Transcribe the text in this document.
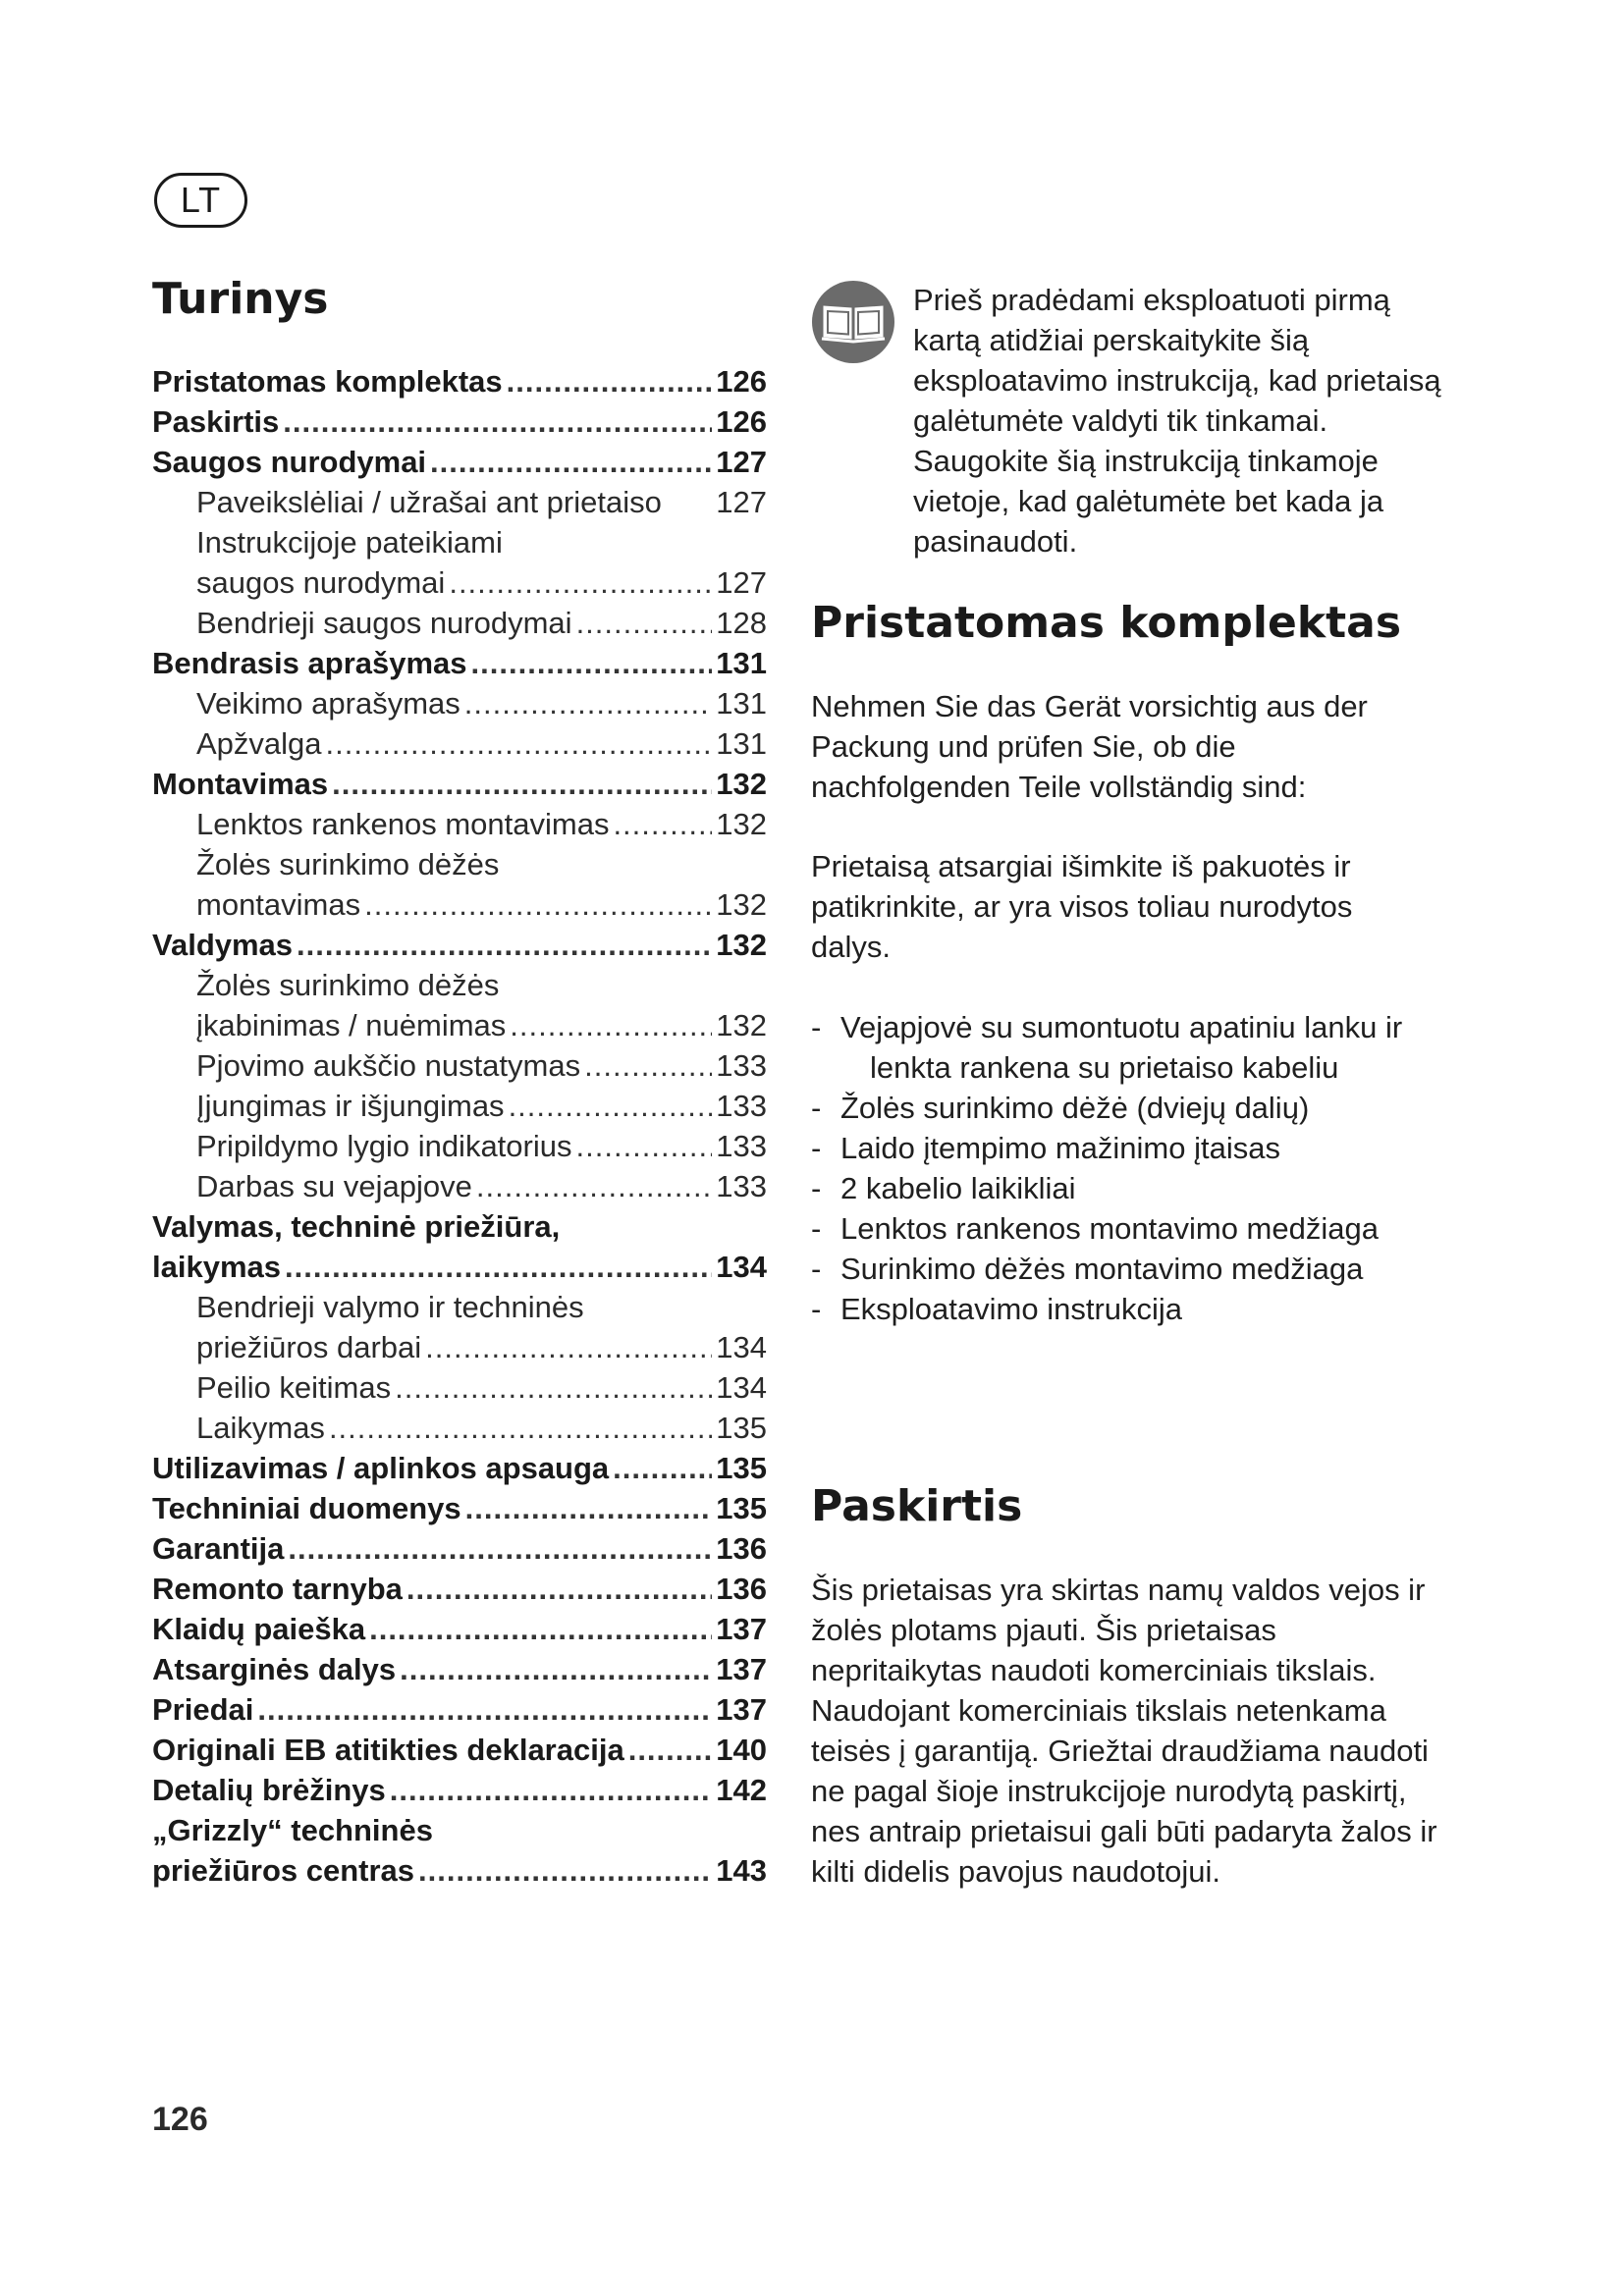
LT
Turinys
Pristatomas komplektas .....	126
Paskirtis .....	126
Saugos nurodymai .....	127
Paveikslėliai / užrašai ant prietaiso 127
Instrukcijoje pateikiami
saugos nurodymai .....	127
Bendrieji saugos nurodymai .....	128
Bendrasis aprašymas .....	131
Veikimo aprašymas .....	131
Apžvalga .....	131
Montavimas .....	132
Lenktos rankenos montavimas .....	132
Žolės surinkimo dėžės
montavimas .....	132
Valdymas .....	132
Žolės surinkimo dėžės
įkabinimas / nuėmimas .....	132
Pjovimo aukščio nustatymas .....	133
Įjungimas ir išjungimas .....	133
Pripildymo lygio indikatorius .....	133
Darbas su vejapjove .....	133
Valymas, techninė priežiūra,
laikymas .....	134
Bendrieji valymo ir techninės
priežiūros darbai .....	134
Peilio keitimas .....	134
Laikymas .....	135
Utilizavimas / aplinkos apsauga .....	135
Techniniai duomenys .....	135
Garantija .....	136
Remonto tarnyba .....	136
Klaidų paieška .....	137
Atsarginės dalys .....	137
Priedai .....	137
Originali EB atitikties deklaracija .....	140
Detalių brėžinys .....	142
„Grizzly“ techninės
priežiūros centras .....	143

Prieš pradėdami eksploatuoti pirmą kartą atidžiai perskaitykite šią eksploatavimo instrukciją, kad prietaisą galėtumėte valdyti tik tinkamai. Saugokite šią instrukciją tinkamoje vietoje, kad galėtumėte bet kada ja pasinaudoti.

Pristatomas komplektas

Nehmen Sie das Gerät vorsichtig aus der Packung und prüfen Sie, ob die nachfolgenden Teile vollständig sind:

Prietaisą atsargiai išimkite iš pakuotės ir patikrinkite, ar yra visos toliau nurodytos dalys.

- Vejapjovė su sumontuotu apatiniu lanku ir lenkta rankena su prietaiso kabeliu
- Žolės surinkimo dėžė (dviejų dalių)
- Laido įtempimo mažinimo įtaisas
- 2 kabelio laikikliai
- Lenktos rankenos montavimo medžiaga
- Surinkimo dėžės montavimo medžiaga
- Eksploatavimo instrukcija
Paskirtis

Šis prietaisas yra skirtas namų valdos vejos ir žolės plotams pjauti. Šis prietaisas nepritaikytas naudoti komerciniais tikslais. Naudojant komerciniais tikslais netenkama teisės į garantiją. Griežtai draudžiama naudoti ne pagal šioje instrukcijoje nurodytą paskirtį, nes antraip prietaisui gali būti padaryta žalos ir kilti didelis pavojus naudotojui.

126
